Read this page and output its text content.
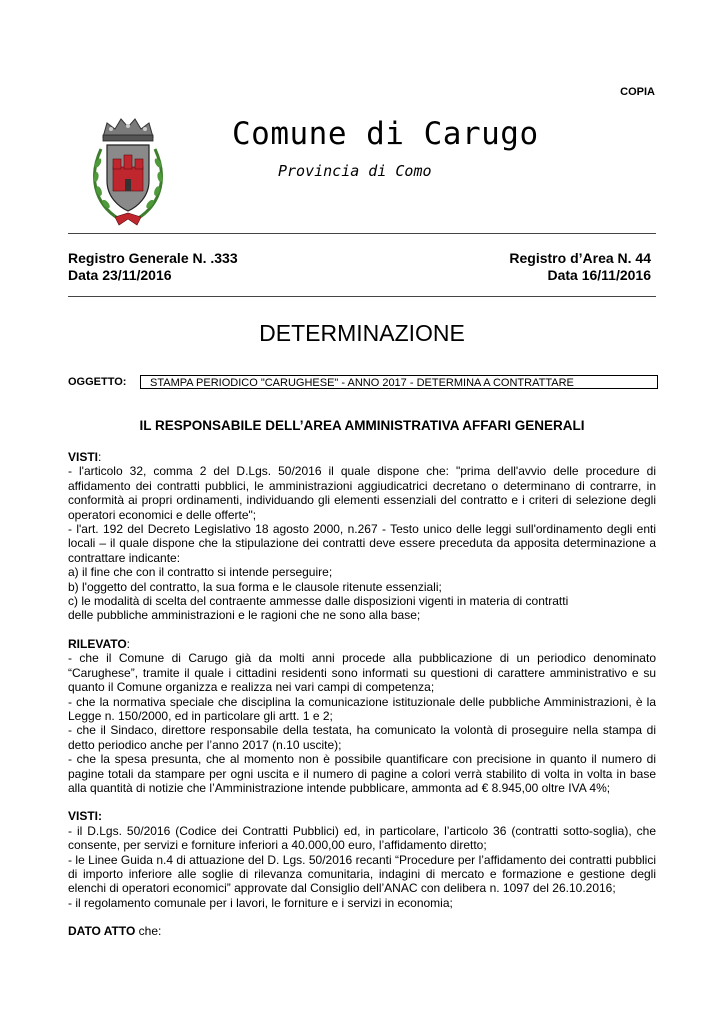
COPIA
Comune di Carugo
Provincia di Como
Registro Generale N. .333
Data 23/11/2016
Registro d’Area N. 44
Data 16/11/2016
DETERMINAZIONE
OGGETTO:	STAMPA PERIODICO "CARUGHESE" - ANNO 2017 - DETERMINA A CONTRATTARE
IL RESPONSABILE DELL’AREA AMMINISTRATIVA AFFARI GENERALI

VISTI:

- l'articolo 32, comma 2 del D.Lgs. 50/2016 il quale dispone che: "prima dell'avvio delle procedure di affidamento dei contratti pubblici, le amministrazioni aggiudicatrici decretano o determinano di contrarre, in conformità ai propri ordinamenti, individuando gli elementi essenziali del contratto e i criteri di selezione degli operatori economici e delle offerte";

- l'art. 192 del Decreto Legislativo 18 agosto 2000, n.267 - Testo unico delle leggi sull'ordinamento degli enti locali – il quale dispone che la stipulazione dei contratti deve essere preceduta da apposita determinazione a contrattare indicante:

a) il fine che con il contratto si intende perseguire;

b) l'oggetto del contratto, la sua forma e le clausole ritenute essenziali;

c) le modalità di scelta del contraente ammesse dalle disposizioni vigenti in materia di contratti

delle pubbliche amministrazioni e le ragioni che ne sono alla base;

RILEVATO:

- che il Comune di Carugo già da molti anni procede alla pubblicazione di un periodico denominato “Carughese”, tramite il quale i cittadini residenti sono informati su questioni di carattere amministrativo e su quanto il Comune organizza e realizza nei vari campi di competenza;

- che la normativa speciale che disciplina la comunicazione istituzionale delle pubbliche Amministrazioni, è la Legge n. 150/2000, ed in particolare gli artt. 1 e 2;

- che il Sindaco, direttore responsabile della testata, ha comunicato la volontà di proseguire nella stampa di detto periodico anche per l’anno 2017 (n.10 uscite);

- che la spesa presunta, che al momento non è possibile quantificare con precisione in quanto il numero di pagine totali da stampare per ogni uscita e il numero di pagine a colori verrà stabilito di volta in volta in base alla quantità di notizie che l’Amministrazione intende pubblicare, ammonta ad € 8.945,00 oltre IVA 4%;

VISTI:

- il D.Lgs. 50/2016 (Codice dei Contratti Pubblici) ed, in particolare, l’articolo 36 (contratti sotto-soglia), che consente, per servizi e forniture inferiori a 40.000,00 euro, l’affidamento diretto;

- le Linee Guida n.4 di attuazione del D. Lgs. 50/2016 recanti “Procedure per l’affidamento dei contratti pubblici di importo inferiore alle soglie di rilevanza comunitaria, indagini di mercato e formazione e gestione degli elenchi di operatori economici” approvate dal Consiglio dell’ANAC con delibera n. 1097 del 26.10.2016;

- il regolamento comunale per i lavori, le forniture e i servizi in economia;

DATO ATTO che:
